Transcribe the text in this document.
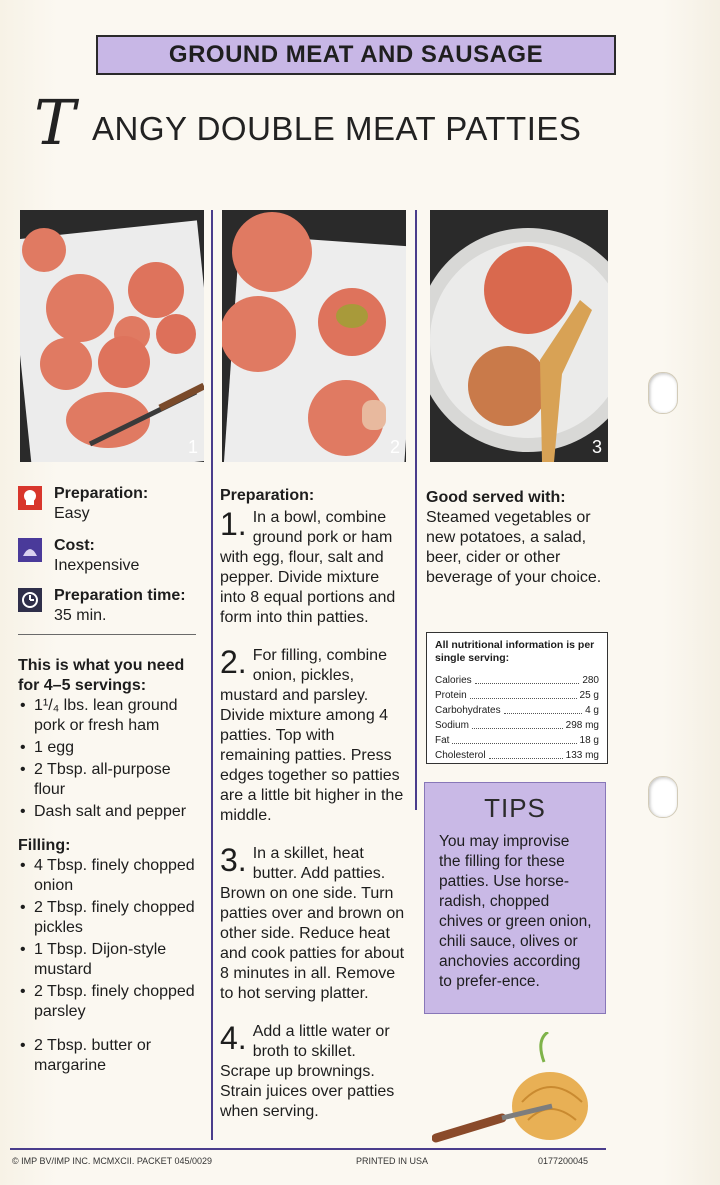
GROUND MEAT AND SAUSAGE
T ANGY DOUBLE MEAT PATTIES
1	2	3
Preparation:
Easy
Cost:
Inexpensive
Preparation time:
35 min.
This is what you need
for 4–5 servings:
• 1¹/₄ lbs. lean ground pork or fresh ham
• 1 egg
• 2 Tbsp. all-purpose flour
• Dash salt and pepper
Filling:
• 4 Tbsp. finely chopped onion
• 2 Tbsp. finely chopped pickles
• 1 Tbsp. Dijon-style mustard
• 2 Tbsp. finely chopped parsley
• 2 Tbsp. butter or margarine
Preparation:
1. In a bowl, combine ground pork or ham with egg, flour, salt and pepper. Divide mixture into 8 equal portions and form into thin patties.

2. For filling, combine onion, pickles, mustard and parsley. Divide mixture among 4 patties. Top with remaining patties. Press edges together so patties are a little bit higher in the middle.

3. In a skillet, heat butter. Add patties. Brown on one side. Turn patties over and brown on other side. Reduce heat and cook patties for about 8 minutes in all. Remove to hot serving platter.

4. Add a little water or broth to skillet. Scrape up brownings. Strain juices over patties when serving.

Good served with:
Steamed vegetables or new potatoes, a salad, beer, cider or other beverage of your choice.
All nutritional information is per single serving:
Calories	280
Protein	25 g
Carbohydrates	4 g
Sodium	298 mg
Fat	18 g
Cholesterol	133 mg
TIPS
You may improvise the filling for these patties. Use horse-radish, chopped chives or green onion, chili sauce, olives or anchovies according to prefer-ence.
© IMP BV/IMP INC. MCMXCII. PACKET 045/0029	PRINTED IN USA	0177200045
